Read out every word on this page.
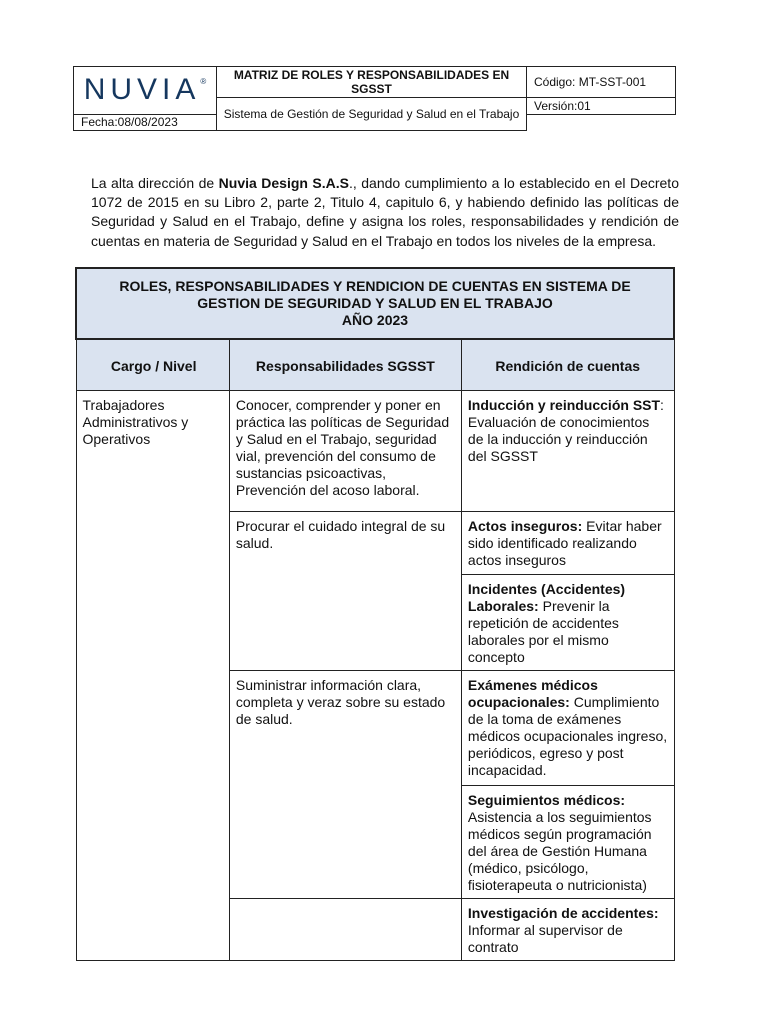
NUVIA®	MATRIZ DE ROLES Y RESPONSABILIDADES EN SGSST	Código: MT-SST-001
	Sistema de Gestión de Seguridad y Salud en el Trabajo	Versión:01
Fecha:08/08/2023		

La alta dirección de Nuvia Design S.A.S., dando cumplimiento a lo establecido en el Decreto 1072 de 2015 en su Libro 2, parte 2, Titulo 4, capitulo 6, y habiendo definido las políticas de Seguridad y Salud en el Trabajo, define y asigna los roles, responsabilidades y rendición de cuentas en materia de Seguridad y Salud en el Trabajo en todos los niveles de la empresa.

ROLES, RESPONSABILIDADES Y RENDICION DE CUENTAS EN SISTEMA DE GESTION DE SEGURIDAD Y SALUD EN EL TRABAJO
AÑO 2023		

Cargo / Nivel	Responsabilidades SGSST	Rendición de cuentas
Trabajadores Administrativos y Operativos	Conocer, comprender y poner en práctica las políticas de Seguridad y Salud en el Trabajo, seguridad vial, prevención del consumo de sustancias psicoactivas, Prevención del acoso laboral.	Inducción y reinducción SST: Evaluación de conocimientos de la inducción y reinducción del SGSST
	Procurar el cuidado integral de su salud.	Actos inseguros: Evitar haber sido identificado realizando actos inseguros
		Incidentes (Accidentes) Laborales: Prevenir la repetición de accidentes laborales por el mismo concepto
	Suministrar información clara, completa y veraz sobre su estado de salud.	Exámenes médicos ocupacionales: Cumplimiento de la toma de exámenes médicos ocupacionales ingreso, periódicos, egreso y post incapacidad.
		Seguimientos médicos: Asistencia a los seguimientos médicos según programación del área de Gestión Humana (médico, psicólogo, fisioterapeuta o nutricionista)
		Investigación de accidentes: Informar al supervisor de contrato
